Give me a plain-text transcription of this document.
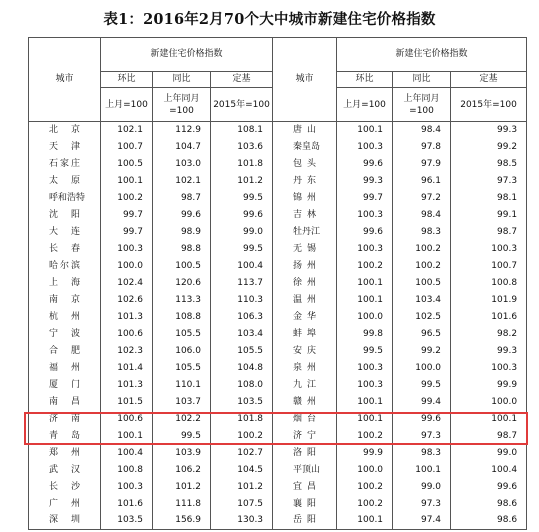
表1：2016年2月70个大中城市新建住宅价格指数
城市	新建住宅价格指数			城市	新建住宅价格指数		
	环比	同比	定基		环比	同比	定基
	上月=100	上年同月=100	2015年=100		上月=100	上年同月=100	2015年=100
北京	102.1	112.9	108.1	唐山	100.1	98.4	99.3
天津	100.7	104.7	103.6	秦皇岛	100.3	97.8	99.2
石家庄	100.5	103.0	101.8	包头	99.6	97.9	98.5
太原	100.1	102.1	101.2	丹东	99.3	96.1	97.3
呼和浩特	100.2	98.7	99.5	锦州	99.7	97.2	98.1
沈阳	99.7	99.6	99.6	吉林	100.3	98.4	99.1
大连	99.7	98.9	99.0	牡丹江	99.6	98.3	98.7
长春	100.3	98.8	99.5	无锡	100.3	100.2	100.3
哈尔滨	100.0	100.5	100.4	扬州	100.2	100.2	100.7
上海	102.4	120.6	113.7	徐州	100.1	100.5	100.8
南京	102.6	113.3	110.3	温州	100.1	103.4	101.9
杭州	101.3	108.8	106.3	金华	100.0	102.5	101.6
宁波	100.6	105.5	103.4	蚌埠	99.8	96.5	98.2
合肥	102.3	106.0	105.5	安庆	99.5	99.2	99.3
福州	101.4	105.5	104.8	泉州	100.3	100.0	100.3
厦门	101.3	110.1	108.0	九江	100.3	99.5	99.9
南昌	101.5	103.7	103.5	赣州	100.1	99.4	100.0
济南	100.6	102.2	101.8	烟台	100.1	99.6	100.1
青岛	100.1	99.5	100.2	济宁	100.2	97.3	98.7
郑州	100.4	103.9	102.7	洛阳	99.9	98.3	99.0
武汉	100.8	106.2	104.5	平顶山	100.0	100.1	100.4
长沙	100.3	101.2	101.2	宜昌	100.2	99.0	99.6
广州	101.6	111.8	107.5	襄阳	100.2	97.3	98.6
深圳	103.5	156.9	130.3	岳阳	100.1	97.4	98.6
